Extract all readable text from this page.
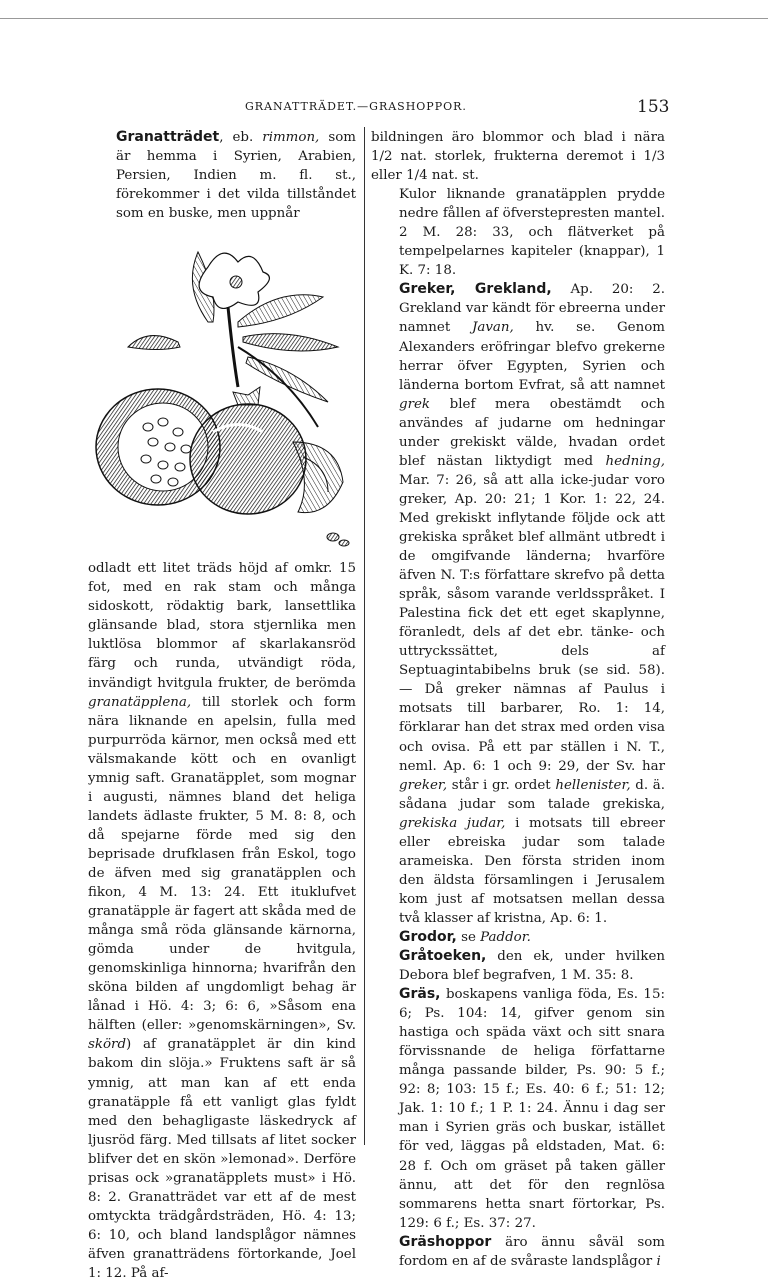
GRANATTRÄDET.—GRASHOPPOR.	153

Granatträdet, eb. rimmon, som är hemma i Syrien, Arabien, Persien, Indien m. fl. st., förekommer i det vilda tillståndet som en buske, men uppnår

odladt ett litet träds höjd af omkr. 15 fot, med en rak stam och många sidoskott, rödaktig bark, lansettlika glänsande blad, stora stjernlika men luktlösa blommor af skarlakansröd färg och runda, utvändigt röda, invändigt hvitgula frukter, de berömda granatäpplena, till storlek och form nära liknande en apelsin, fulla med purpurröda kärnor, men också med ett välsmakande kött och en ovanligt ymnig saft. Granatäpplet, som mognar i augusti, nämnes bland det heliga landets ädlaste frukter, 5 M. 8: 8, och då spejarne förde med sig den beprisade drufklasen från Eskol, togo de äfven med sig granatäpplen och fikon, 4 M. 13: 24. Ett ituklufvet granatäpple är fagert att skåda med de många små röda glänsande kärnorna, gömda under de hvitgula, genomskinliga hinnorna; hvarifrån den sköna bilden af ungdomligt behag är lånad i Hö. 4: 3; 6: 6, »Såsom ena hälften (eller: »genomskärningen», Sv. skörd) af granatäpplet är din kind bakom din slöja.» Fruktens saft är så ymnig, att man kan af ett enda granatäpple få ett vanligt glas fyldt med den behagligaste läskedryck af ljusröd färg. Med tillsats af litet socker blifver det en skön »lemonad». Derföre prisas ock »granatäpplets must» i Hö. 8: 2. Granatträdet var ett af de mest omtyckta trädgårdsträden, Hö. 4: 13; 6: 10, och bland landsplågor nämnes äfven granatträdens förtorkande, Joel 1: 12. På af-

bildningen äro blommor och blad i nära 1/2 nat. storlek, frukterna deremot i 1/3 eller 1/4 nat. st.

Kulor liknande granatäpplen prydde nedre fållen af öfverstepresten mantel. 2 M. 28: 33, och flätverket på tempelpelarnes kapiteler (knappar), 1 K. 7: 18.

Greker, Grekland, Ap. 20: 2. Grekland var kändt för ebreerna under namnet Javan, hv. se. Genom Alexanders eröfringar blefvo grekerne herrar öfver Egypten, Syrien och länderna bortom Evfrat, så att namnet grek blef mera obestämdt och användes af judarne om hedningar under grekiskt välde, hvadan ordet blef nästan liktydigt med hedning, Mar. 7: 26, så att alla icke-judar voro greker, Ap. 20: 21; 1 Kor. 1: 22, 24. Med grekiskt inflytande följde ock att grekiska språket blef allmänt utbredt i de omgifvande länderna; hvarföre äfven N. T:s författare skrefvo på detta språk, såsom varande verldsspråket. I Palestina fick det ett eget skaplynne, föranledt, dels af det ebr. tänke- och uttryckssättet, dels af Septuagintabibelns bruk (se sid. 58). — Då greker nämnas af Paulus i motsats till barbarer, Ro. 1: 14, förklarar han det strax med orden visa och ovisa. På ett par ställen i N. T., neml. Ap. 6: 1 och 9: 29, der Sv. har greker, står i gr. ordet hellenister, d. ä. sådana judar som talade grekiska, grekiska judar, i motsats till ebreer eller ebreiska judar som talade arameiska. Den första striden inom den äldsta församlingen i Jerusalem kom just af motsatsen mellan dessa två klasser af kristna, Ap. 6: 1.

Grodor, se Paddor.

Gråtoeken, den ek, under hvilken Debora blef begrafven, 1 M. 35: 8.

Gräs, boskapens vanliga föda, Es. 15: 6; Ps. 104: 14, gifver genom sin hastiga och späda växt och sitt snara förvissnande de heliga författarne många passande bilder, Ps. 90: 5 f.; 92: 8; 103: 15 f.; Es. 40: 6 f.; 51: 12; Jak. 1: 10 f.; 1 P. 1: 24. Ännu i dag ser man i Syrien gräs och buskar, istället för ved, läggas på eldstaden, Mat. 6: 28 f. Och om gräset på taken gäller ännu, att det för den regnlösa sommarens hetta snart förtorkar, Ps. 129: 6 f.; Es. 37: 27.

Gräshoppor äro ännu såväl som fordom en af de svåraste landsplågor i
